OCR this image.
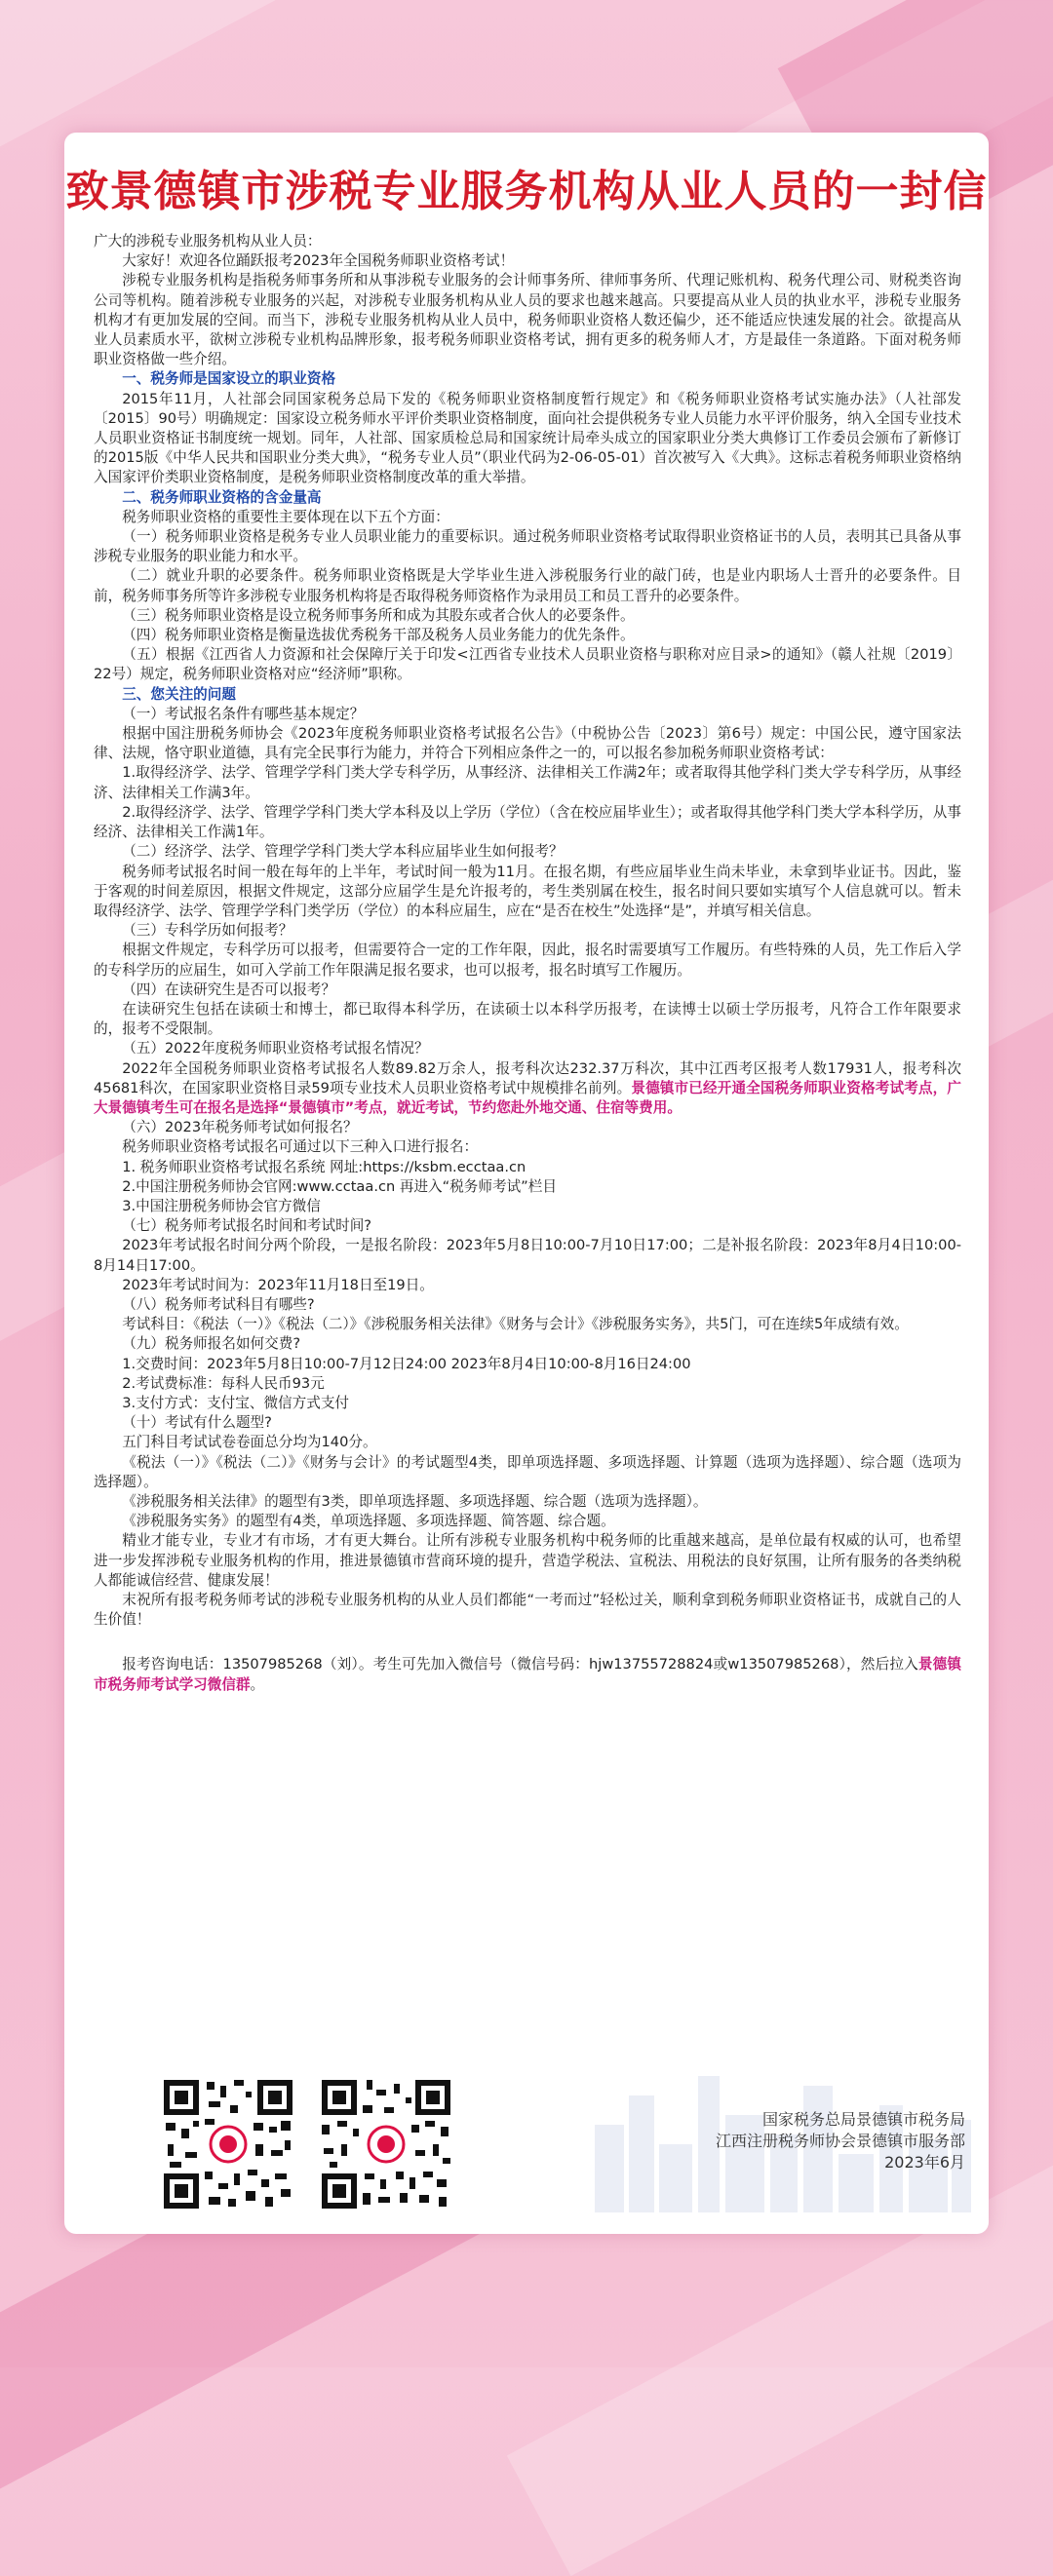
致景德镇市涉税专业服务机构从业人员的一封信

广大的涉税专业服务机构从业人员：

大家好！欢迎各位踊跃报考2023年全国税务师职业资格考试！

涉税专业服务机构是指税务师事务所和从事涉税专业服务的会计师事务所、律师事务所、代理记账机构、税务代理公司、财税类咨询公司等机构。随着涉税专业服务的兴起，对涉税专业服务机构从业人员的要求也越来越高。只要提高从业人员的执业水平，涉税专业服务机构才有更加发展的空间。而当下，涉税专业服务机构从业人员中，税务师职业资格人数还偏少，还不能适应快速发展的社会。欲提高从业人员素质水平，欲树立涉税专业机构品牌形象，报考税务师职业资格考试，拥有更多的税务师人才，方是最佳一条道路。下面对税务师职业资格做一些介绍。

一、税务师是国家设立的职业资格

2015年11月，人社部会同国家税务总局下发的《税务师职业资格制度暂行规定》和《税务师职业资格考试实施办法》（人社部发〔2015〕90号）明确规定：国家设立税务师水平评价类职业资格制度，面向社会提供税务专业人员能力水平评价服务，纳入全国专业技术人员职业资格证书制度统一规划。同年，人社部、国家质检总局和国家统计局牵头成立的国家职业分类大典修订工作委员会颁布了新修订的2015版《中华人民共和国职业分类大典》，“税务专业人员”（职业代码为2-06-05-01）首次被写入《大典》。这标志着税务师职业资格纳入国家评价类职业资格制度，是税务师职业资格制度改革的重大举措。

二、税务师职业资格的含金量高

税务师职业资格的重要性主要体现在以下五个方面：

（一）税务师职业资格是税务专业人员职业能力的重要标识。通过税务师职业资格考试取得职业资格证书的人员，表明其已具备从事涉税专业服务的职业能力和水平。

（二）就业升职的必要条件。税务师职业资格既是大学毕业生进入涉税服务行业的敲门砖，也是业内职场人士晋升的必要条件。目前，税务师事务所等许多涉税专业服务机构将是否取得税务师资格作为录用员工和员工晋升的必要条件。

（三）税务师职业资格是设立税务师事务所和成为其股东或者合伙人的必要条件。

（四）税务师职业资格是衡量选拔优秀税务干部及税务人员业务能力的优先条件。

（五）根据《江西省人力资源和社会保障厅关于印发<江西省专业技术人员职业资格与职称对应目录>的通知》（赣人社规〔2019〕22号）规定，税务师职业资格对应“经济师”职称。

三、您关注的问题

（一）考试报名条件有哪些基本规定？

根据中国注册税务师协会《2023年度税务师职业资格考试报名公告》（中税协公告〔2023〕第6号）规定：中国公民，遵守国家法律、法规，恪守职业道德，具有完全民事行为能力，并符合下列相应条件之一的，可以报名参加税务师职业资格考试：

1.取得经济学、法学、管理学学科门类大学专科学历，从事经济、法律相关工作满2年；或者取得其他学科门类大学专科学历，从事经济、法律相关工作满3年。

2.取得经济学、法学、管理学学科门类大学本科及以上学历（学位）（含在校应届毕业生）；或者取得其他学科门类大学本科学历，从事经济、法律相关工作满1年。

（二）经济学、法学、管理学学科门类大学本科应届毕业生如何报考？

税务师考试报名时间一般在每年的上半年，考试时间一般为11月。在报名期，有些应届毕业生尚未毕业，未拿到毕业证书。因此，鉴于客观的时间差原因，根据文件规定，这部分应届学生是允许报考的，考生类别属在校生，报名时间只要如实填写个人信息就可以。暂未取得经济学、法学、管理学学科门类学历（学位）的本科应届生，应在“是否在校生”处选择“是”，并填写相关信息。

（三）专科学历如何报考？

根据文件规定，专科学历可以报考，但需要符合一定的工作年限，因此，报名时需要填写工作履历。有些特殊的人员，先工作后入学的专科学历的应届生，如可入学前工作年限满足报名要求，也可以报考，报名时填写工作履历。

（四）在读研究生是否可以报考？

在读研究生包括在读硕士和博士，都已取得本科学历，在读硕士以本科学历报考，在读博士以硕士学历报考，凡符合工作年限要求的，报考不受限制。

（五）2022年度税务师职业资格考试报名情况？

2022年全国税务师职业资格考试报名人数89.82万余人，报考科次达232.37万科次，其中江西考区报考人数17931人，报考科次45681科次，在国家职业资格目录59项专业技术人员职业资格考试中规模排名前列。景德镇市已经开通全国税务师职业资格考试考点，广大景德镇考生可在报名是选择“景德镇市”考点，就近考试，节约您赴外地交通、住宿等费用。

（六）2023年税务师考试如何报名？

税务师职业资格考试报名可通过以下三种入口进行报名：

1. 税务师职业资格考试报名系统 网址:https://ksbm.ecctaa.cn

2.中国注册税务师协会官网:www.cctaa.cn 再进入“税务师考试”栏目

3.中国注册税务师协会官方微信

（七）税务师考试报名时间和考试时间?

2023年考试报名时间分两个阶段，一是报名阶段：2023年5月8日10:00-7月10日17:00；二是补报名阶段：2023年8月4日10:00-8月14日17:00。

2023年考试时间为：2023年11月18日至19日。

（八）税务师考试科目有哪些?

考试科目：《税法（一）》《税法（二）》《涉税服务相关法律》《财务与会计》《涉税服务实务》，共5门，可在连续5年成绩有效。

（九）税务师报名如何交费?

1.交费时间：2023年5月8日10:00-7月12日24:00 2023年8月4日10:00-8月16日24:00

2.考试费标准：每科人民币93元

3.支付方式：支付宝、微信方式支付

（十）考试有什么题型?

五门科目考试试卷卷面总分均为140分。

《税法（一）》《税法（二）》《财务与会计》的考试题型4类，即单项选择题、多项选择题、计算题（选项为选择题）、综合题（选项为选择题）。

《涉税服务相关法律》的题型有3类，即单项选择题、多项选择题、综合题（选项为选择题）。

《涉税服务实务》的题型有4类，单项选择题、多项选择题、简答题、综合题。

精业才能专业，专业才有市场，才有更大舞台。让所有涉税专业服务机构中税务师的比重越来越高，是单位最有权威的认可，也希望进一步发挥涉税专业服务机构的作用，推进景德镇市营商环境的提升，营造学税法、宣税法、用税法的良好氛围，让所有服务的各类纳税人都能诚信经营、健康发展！

末祝所有报考税务师考试的涉税专业服务机构的从业人员们都能“一考而过”轻松过关，顺利拿到税务师职业资格证书，成就自己的人生价值！

报考咨询电话：13507985268（刘）。考生可先加入微信号（微信号码：hjw13755728824或w13507985268），然后拉入景德镇市税务师考试学习微信群。

国家税务总局景德镇市税务局
江西注册税务师协会景德镇市服务部
2023年6月
